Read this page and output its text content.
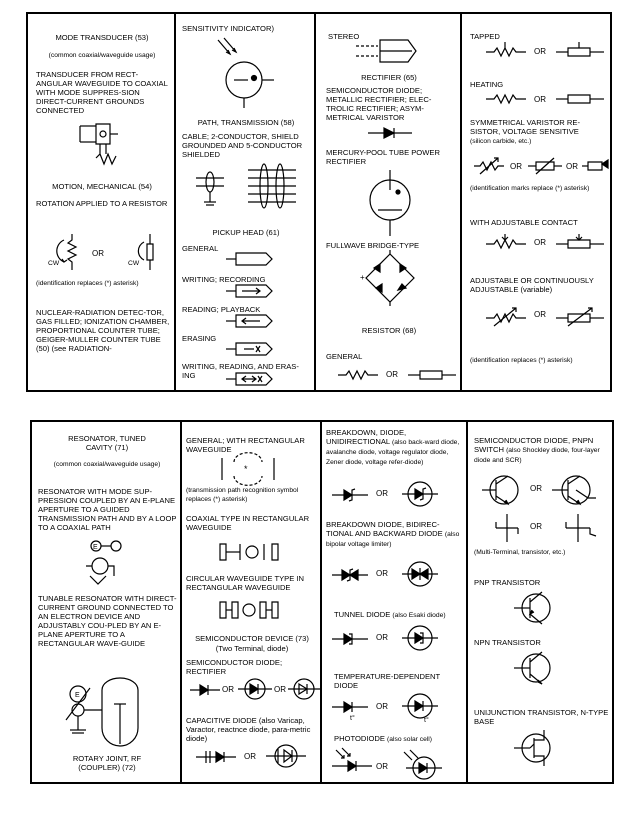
MODE TRANSDUCER (53)
(common coaxial/waveguide usage)
TRANSDUCER FROM RECT-ANGULAR WAVEGUIDE TO COAXIAL WITH MODE SUPPRES-SION DIRECT-CURRENT GROUNDS CONNECTED
MOTION, MECHANICAL (54)
ROTATION APPLIED TO A RESISTOR
CW
OR
CW
(identification replaces (*) asterisk)
NUCLEAR-RADIATION DETEC-TOR, GAS FILLED; IONIZATION CHAMBER, PROPORTIONAL COUNTER TUBE; GEIGER-MULLER COUNTER TUBE (50) (see RADIATION-
SENSITIVITY INDICATOR)
PATH, TRANSMISSION (58)
CABLE; 2-CONDUCTOR, SHIELD GROUNDED AND 5-CONDUCTOR SHIELDED
PICKUP HEAD (61)
GENERAL
WRITING; RECORDING
READING; PLAYBACK
ERASING
WRITING, READING, AND ERAS-ING
STEREO
RECTIFIER (65)
SEMICONDUCTOR DIODE; METALLIC RECTIFIER; ELEC-TROLIC RECTIFIER; ASYM-METRICAL VARISTOR
MERCURY-POOL TUBE POWER RECTIFIER
FULLWAVE BRIDGE-TYPE
+
RESISTOR (68)
GENERAL
OR
TAPPED
OR
HEATING
OR
SYMMETRICAL VARISTOR RE-SISTOR, VOLTAGE SENSITIVE
(silicon carbide, etc.)
OR	OR
(identification marks replace (*) asterisk)
WITH ADJUSTABLE CONTACT
OR
ADJUSTABLE OR CONTINUOUSLY ADJUSTABLE (variable)
OR
(identification replaces (*) asterisk)
RESONATOR, TUNED CAVITY (71)
(common coaxial/waveguide usage)
RESONATOR WITH MODE SUP-PRESSION COUPLED BY AN E-PLANE APERTURE TO A GUIDED TRANSMISSION PATH AND BY A LOOP TO A COAXIAL PATH
E
TUNABLE RESONATOR WITH DIRECT-CURRENT GROUND CONNECTED TO AN ELECTRON DEVICE AND ADJUSTABLY COU-PLED BY AN E-PLANE APERTURE TO A RECTANGULAR WAVE-GUIDE
E
ROTARY JOINT, RF (COUPLER) (72)
GENERAL; WITH RECTANGULAR WAVEGUIDE
*
(transmission path recognition symbol replaces (*) asterisk)
COAXIAL TYPE IN RECTANGULAR WAVEGUIDE
CIRCULAR WAVEGUIDE TYPE IN RECTANGULAR WAVEGUIDE
SEMICONDUCTOR DEVICE (73)
(Two Terminal, diode)
SEMICONDUCTOR DIODE; RECTIFIER
OR	OR
CAPACITIVE DIODE (also Varicap, Varactor, reactnce diode, para-metric diode)
OR
BREAKDOWN, DIODE, UNIDIRECTIONAL (also back-ward diode, avalanche diode, voltage regulator diode, Zener diode, voltage refer-diode)
OR
BREAKDOWN DIODE, BIDIREC-TIONAL AND BACKWARD DIODE (also bipolar voltage limiter)
OR
TUNNEL DIODE (also Esaki diode)
OR
TEMPERATURE-DEPENDENT DIODE
t°
OR
t°
PHOTODIODE (also solar cell)
OR
SEMICONDUCTOR DIODE, PNPN SWITCH (also Shockley diode, four-layer diode and SCR)
OR
OR
(Multi-Terminal, transistor, etc.)
PNP TRANSISTOR
NPN TRANSISTOR
UNIJUNCTION TRANSISTOR, N-TYPE BASE
